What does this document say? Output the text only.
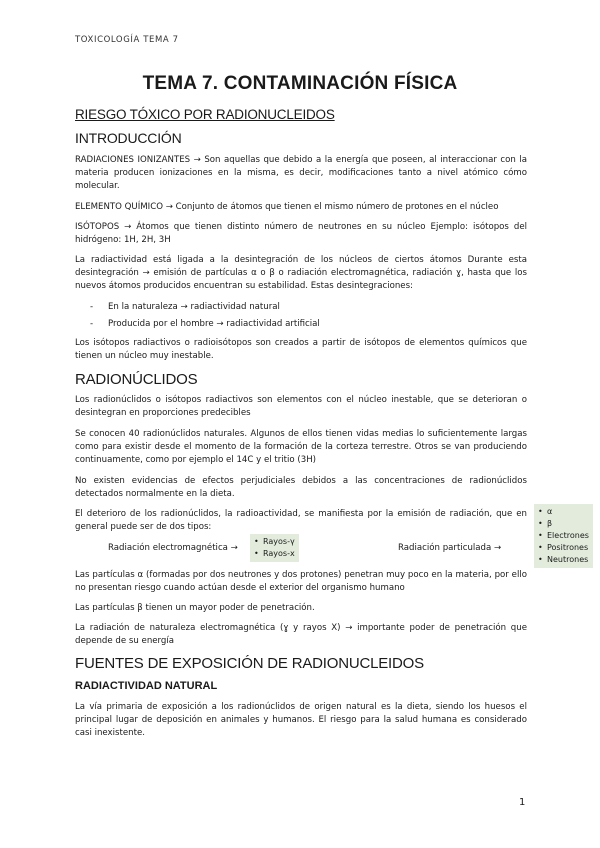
TOXICOLOGÍA TEMA 7
TEMA 7. CONTAMINACIÓN FÍSICA
RIESGO TÓXICO POR RADIONUCLEIDOS
INTRODUCCIÓN
RADIACIONES IONIZANTES → Son aquellas que debido a la energía que poseen, al interaccionar con la materia producen ionizaciones en la misma, es decir, modificaciones tanto a nivel atómico cómo molecular.
ELEMENTO QUÍMICO → Conjunto de átomos que tienen el mismo número de protones en el núcleo
ISÓTOPOS → Átomos que tienen distinto número de neutrones en su núcleo Ejemplo: isótopos del hidrógeno: 1H, 2H, 3H
La radiactividad está ligada a la desintegración de los núcleos de ciertos átomos Durante esta desintegración → emisión de partículas α o β o radiación electromagnética, radiación ɣ, hasta que los nuevos átomos producidos encuentran su estabilidad. Estas desintegraciones:
- En la naturaleza → radiactividad natural
- Producida por el hombre → radiactividad artificial
Los isótopos radiactivos o radioisótopos son creados a partir de isótopos de elementos químicos que tienen un núcleo muy inestable.
RADIONÚCLIDOS
Los radionúclidos o isótopos radiactivos son elementos con el núcleo inestable, que se deterioran o desintegran en proporciones predecibles
Se conocen 40 radionúclidos naturales. Algunos de ellos tienen vidas medias lo suficientemente largas como para existir desde el momento de la formación de la corteza terrestre. Otros se van produciendo continuamente, como por ejemplo el 14C y el tritio (3H)
No existen evidencias de efectos perjudiciales debidos a las concentraciones de radionúclidos detectados normalmente en la dieta.
El deterioro de los radionúclidos, la radioactividad, se manifiesta por la emisión de radiación, que en general puede ser de dos tipos:
Radiación electromagnética →
• Rayos-γ
• Rayos-x
Radiación particulada →
• α
• β
• Electrones
• Positrones
• Neutrones
Las partículas α (formadas por dos neutrones y dos protones) penetran muy poco en la materia, por ello no presentan riesgo cuando actúan desde el exterior del organismo humano
Las partículas β tienen un mayor poder de penetración.
La radiación de naturaleza electromagnética (ɣ y rayos X) → importante poder de penetración que depende de su energía
FUENTES DE EXPOSICIÓN DE RADIONUCLEIDOS
RADIACTIVIDAD NATURAL
La vía primaria de exposición a los radionúclidos de origen natural es la dieta, siendo los huesos el principal lugar de deposición en animales y humanos. El riesgo para la salud humana es considerado casi inexistente.
1
